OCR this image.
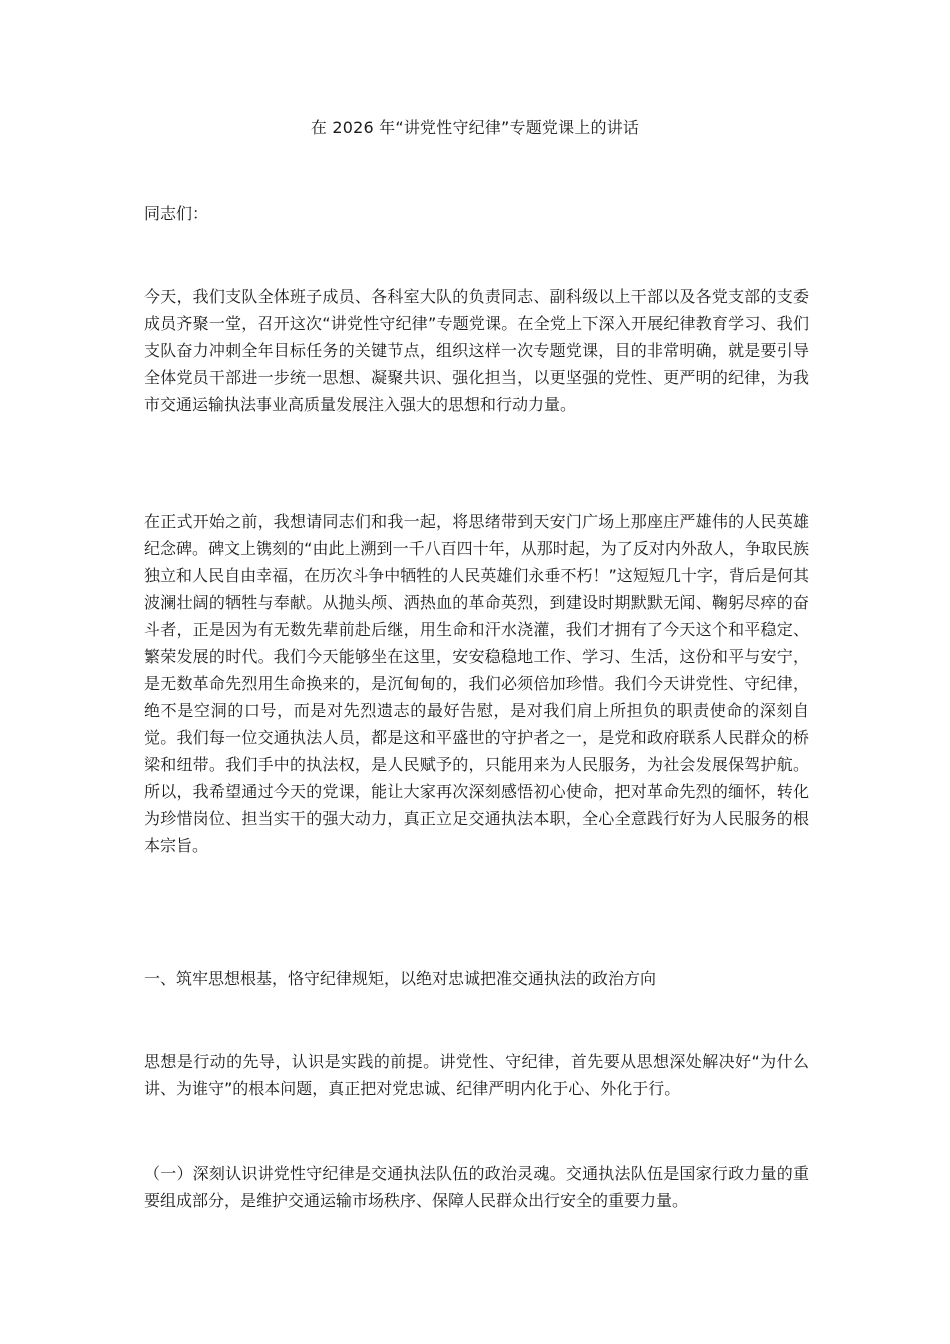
在 2026 年“讲党性守纪律”专题党课上的讲话

同志们：

今天，我们支队全体班子成员、各科室大队的负责同志、副科级以上干部以及各党支部的支委成员齐聚一堂，召开这次“讲党性守纪律”专题党课。在全党上下深入开展纪律教育学习、我们支队奋力冲刺全年目标任务的关键节点，组织这样一次专题党课，目的非常明确，就是要引导全体党员干部进一步统一思想、凝聚共识、强化担当，以更坚强的党性、更严明的纪律，为我市交通运输执法事业高质量发展注入强大的思想和行动力量。

在正式开始之前，我想请同志们和我一起，将思绪带到天安门广场上那座庄严雄伟的人民英雄纪念碑。碑文上镌刻的“由此上溯到一千八百四十年，从那时起，为了反对内外敌人，争取民族独立和人民自由幸福，在历次斗争中牺牲的人民英雄们永垂不朽！”这短短几十字，背后是何其波澜壮阔的牺牲与奉献。从抛头颅、洒热血的革命英烈，到建设时期默默无闻、鞠躬尽瘁的奋斗者，正是因为有无数先辈前赴后继，用生命和汗水浇灌，我们才拥有了今天这个和平稳定、繁荣发展的时代。我们今天能够坐在这里，安安稳稳地工作、学习、生活，这份和平与安宁，是无数革命先烈用生命换来的，是沉甸甸的，我们必须倍加珍惜。我们今天讲党性、守纪律，绝不是空洞的口号，而是对先烈遗志的最好告慰，是对我们肩上所担负的职责使命的深刻自觉。我们每一位交通执法人员，都是这和平盛世的守护者之一，是党和政府联系人民群众的桥梁和纽带。我们手中的执法权，是人民赋予的，只能用来为人民服务，为社会发展保驾护航。所以，我希望通过今天的党课，能让大家再次深刻感悟初心使命，把对革命先烈的缅怀，转化为珍惜岗位、担当实干的强大动力，真正立足交通执法本职，全心全意践行好为人民服务的根本宗旨。

一、筑牢思想根基，恪守纪律规矩，以绝对忠诚把准交通执法的政治方向

思想是行动的先导，认识是实践的前提。讲党性、守纪律，首先要从思想深处解决好“为什么讲、为谁守”的根本问题，真正把对党忠诚、纪律严明内化于心、外化于行。

（一）深刻认识讲党性守纪律是交通执法队伍的政治灵魂。交通执法队伍是国家行政力量的重要组成部分，是维护交通运输市场秩序、保障人民群众出行安全的重要力量。
